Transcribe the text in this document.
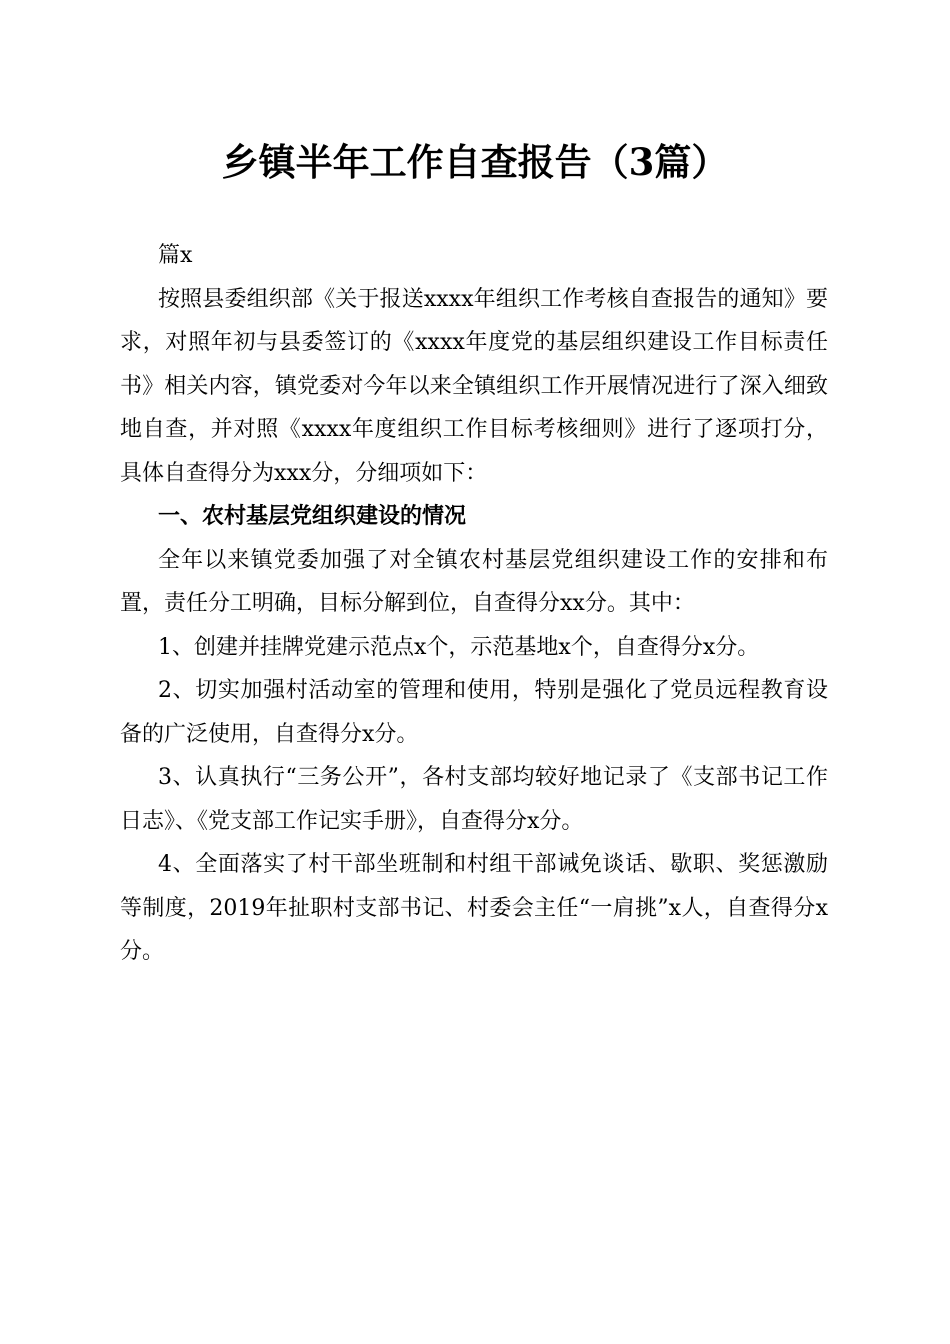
乡镇半年工作自查报告（3篇）

篇x

按照县委组织部《关于报送xxxx年组织工作考核自查报告的通知》要求，对照年初与县委签订的《xxxx年度党的基层组织建设工作目标责任书》相关内容，镇党委对今年以来全镇组织工作开展情况进行了深入细致地自查，并对照《xxxx年度组织工作目标考核细则》进行了逐项打分，具体自查得分为xxx分，分细项如下：

一、农村基层党组织建设的情况

全年以来镇党委加强了对全镇农村基层党组织建设工作的安排和布置，责任分工明确，目标分解到位，自查得分xx分。其中：

1、创建并挂牌党建示范点x个，示范基地x个，自查得分x分。

2、切实加强村活动室的管理和使用，特别是强化了党员远程教育设备的广泛使用，自查得分x分。

3、认真执行“三务公开”，各村支部均较好地记录了《支部书记工作日志》、《党支部工作记实手册》，自查得分x分。

4、全面落实了村干部坐班制和村组干部诫免谈话、歇职、奖惩激励等制度，2019年扯职村支部书记、村委会主任“一肩挑”x人，自查得分x分。
